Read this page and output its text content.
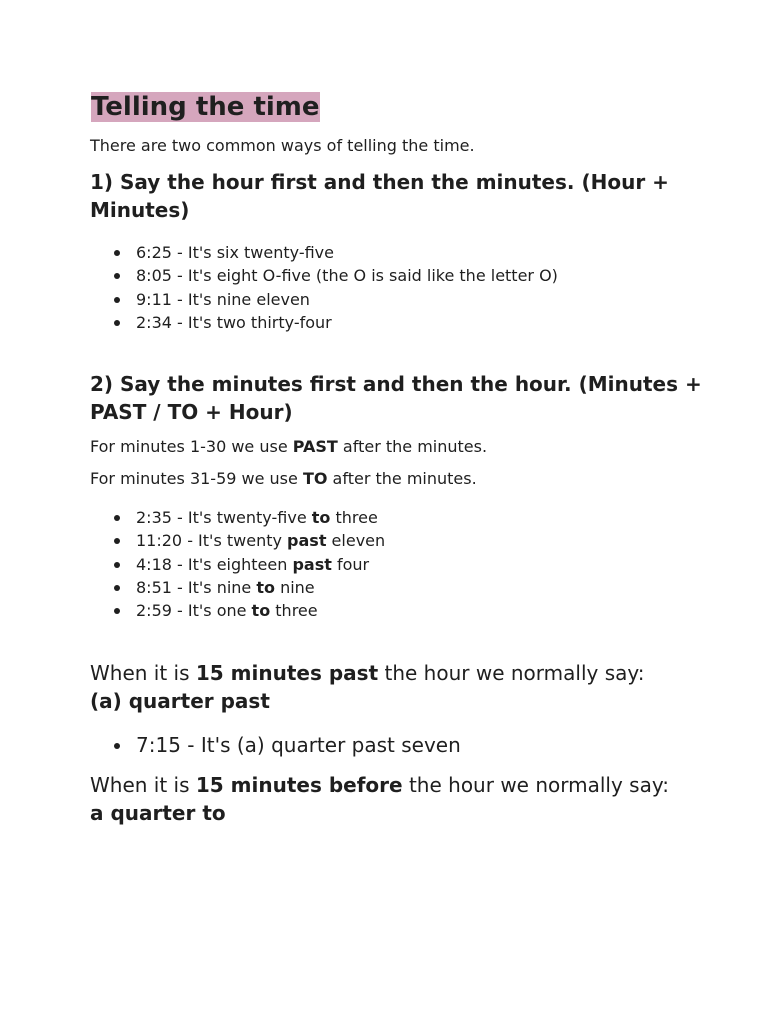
Telling the time

There are two common ways of telling the time.

1) Say the hour first and then the minutes. (Hour +
Minutes)
6:25 - It's six twenty-five
8:05 - It's eight O-five (the O is said like the letter O)
9:11 - It's nine eleven
2:34 - It's two thirty-four
2) Say the minutes first and then the hour. (Minutes +
PAST / TO + Hour)

For minutes 1-30 we use PAST after the minutes.

For minutes 31-59 we use TO after the minutes.

2:35 - It's twenty-five to three
11:20 - It's twenty past eleven
4:18 - It's eighteen past four
8:51 - It's nine to nine
2:59 - It's one to three

When it is 15 minutes past the hour we normally say:
(a) quarter past

7:15 - It's (a) quarter past seven

When it is 15 minutes before the hour we normally say:
a quarter to
